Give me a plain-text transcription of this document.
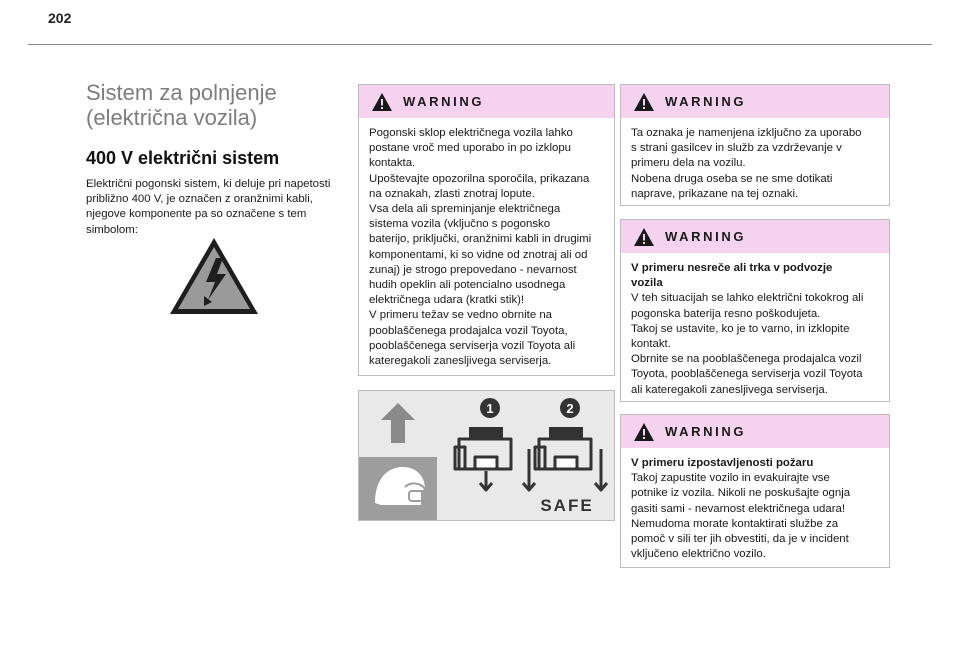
202
Sistem za polnjenje
(električna vozila)
400 V električni sistem
Električni pogonski sistem, ki deluje pri napetosti
približno 400 V, je označen z oranžnimi kabli,
njegove komponente pa so označene s tem
simbolom:
WARNING
Pogonski sklop električnega vozila lahko
postane vroč med uporabo in po izklopu
kontakta.
Upoštevajte opozorilna sporočila, prikazana
na oznakah, zlasti znotraj lopute.
Vsa dela ali spreminjanje električnega
sistema vozila (vključno s pogonsko
baterijo, priključki, oranžnimi kabli in drugimi
komponentami, ki so vidne od znotraj ali od
zunaj) je strogo prepovedano - nevarnost
hudih opeklin ali potencialno usodnega
električnega udara (kratki stik)!
V primeru težav se vedno obrnite na
pooblaščenega prodajalca vozil Toyota,
pooblaščenega serviserja vozil Toyota ali
kateregakoli zanesljivega serviserja.
1	2
SAFE
WARNING
Ta oznaka je namenjena izključno za uporabo
s strani gasilcev in služb za vzdrževanje v
primeru dela na vozilu.
Nobena druga oseba se ne sme dotikati
naprave, prikazane na tej oznaki.
WARNING
V primeru nesreče ali trka v podvozje
vozila
V teh situacijah se lahko električni tokokrog ali
pogonska baterija resno poškodujeta.
Takoj se ustavite, ko je to varno, in izklopite
kontakt.
Obrnite se na pooblaščenega prodajalca vozil
Toyota, pooblaščenega serviserja vozil Toyota
ali kateregakoli zanesljivega serviserja.
WARNING
V primeru izpostavljenosti požaru
Takoj zapustite vozilo in evakuirajte vse
potnike iz vozila. Nikoli ne poskušajte ognja
gasiti sami - nevarnost električnega udara!
Nemudoma morate kontaktirati službe za
pomoč v sili ter jih obvestiti, da je v incident
vključeno električno vozilo.
